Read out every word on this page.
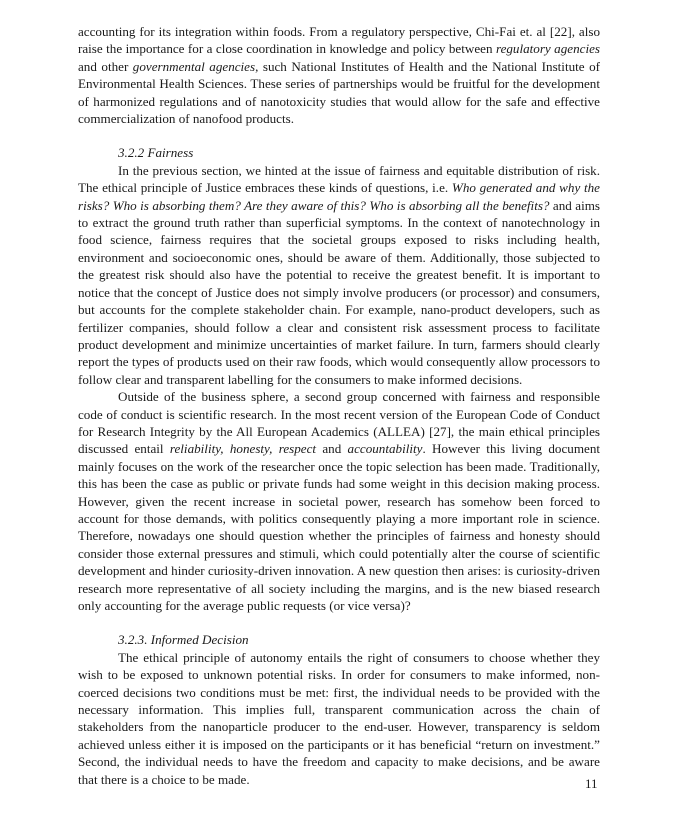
accounting for its integration within foods. From a regulatory perspective, Chi-Fai et. al [22], also raise the importance for a close coordination in knowledge and policy between regulatory agencies and other governmental agencies, such National Institutes of Health and the National Institute of Environmental Health Sciences. These series of partnerships would be fruitful for the development of harmonized regulations and of nanotoxicity studies that would allow for the safe and effective commercialization of nanofood products.

3.2.2 Fairness

In the previous section, we hinted at the issue of fairness and equitable distribution of risk. The ethical principle of Justice embraces these kinds of questions, i.e. Who generated and why the risks? Who is absorbing them? Are they aware of this? Who is absorbing all the benefits? and aims to extract the ground truth rather than superficial symptoms. In the context of nanotechnology in food science, fairness requires that the societal groups exposed to risks including health, environment and socioeconomic ones, should be aware of them. Additionally, those subjected to the greatest risk should also have the potential to receive the greatest benefit. It is important to notice that the concept of Justice does not simply involve producers (or processor) and consumers, but accounts for the complete stakeholder chain. For example, nano-product developers, such as fertilizer companies, should follow a clear and consistent risk assessment process to facilitate product development and minimize uncertainties of market failure. In turn, farmers should clearly report the types of products used on their raw foods, which would consequently allow processors to follow clear and transparent labelling for the consumers to make informed decisions.

Outside of the business sphere, a second group concerned with fairness and responsible code of conduct is scientific research. In the most recent version of the European Code of Conduct for Research Integrity by the All European Academics (ALLEA) [27], the main ethical principles discussed entail reliability, honesty, respect and accountability. However this living document mainly focuses on the work of the researcher once the topic selection has been made. Traditionally, this has been the case as public or private funds had some weight in this decision making process. However, given the recent increase in societal power, research has somehow been forced to account for those demands, with politics consequently playing a more important role in science. Therefore, nowadays one should question whether the principles of fairness and honesty should consider those external pressures and stimuli, which could potentially alter the course of scientific development and hinder curiosity-driven innovation. A new question then arises: is curiosity-driven research more representative of all society including the margins, and is the new biased research only accounting for the average public requests (or vice versa)?

3.2.3. Informed Decision

The ethical principle of autonomy entails the right of consumers to choose whether they wish to be exposed to unknown potential risks. In order for consumers to make informed, non-coerced decisions two conditions must be met: first, the individual needs to be provided with the necessary information. This implies full, transparent communication across the chain of stakeholders from the nanoparticle producer to the end-user. However, transparency is seldom achieved unless either it is imposed on the participants or it has beneficial “return on investment.” Second, the individual needs to have the freedom and capacity to make decisions, and be aware that there is a choice to be made.	11
